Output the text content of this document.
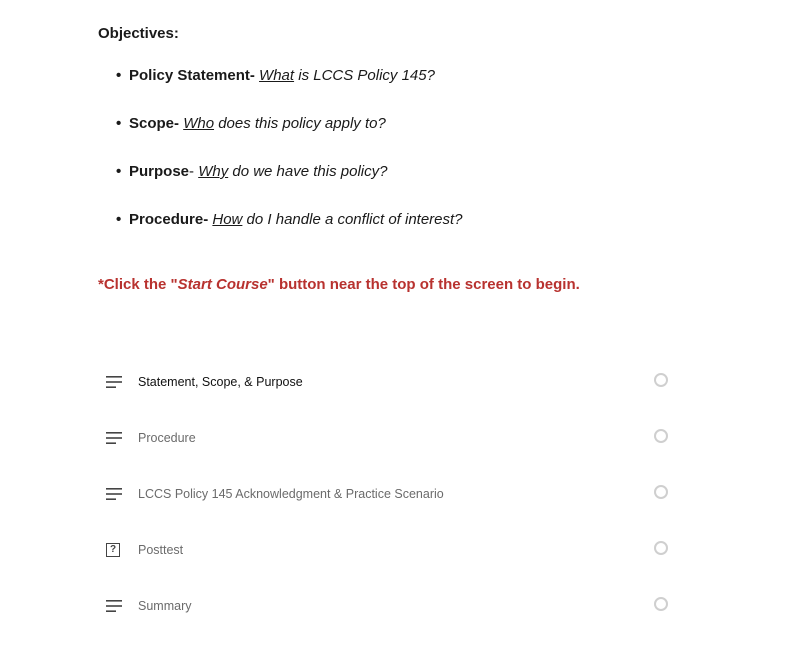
Objectives:
• Policy Statement- What is LCCS Policy 145?
• Scope- Who does this policy apply to?
• Purpose- Why do we have this policy?
• Procedure- How do I handle a conflict of interest?
*Click the "Start Course" button near the top of the screen to begin.
Statement, Scope, & Purpose
Procedure
LCCS Policy 145 Acknowledgment & Practice Scenario
?	Posttest
Summary
